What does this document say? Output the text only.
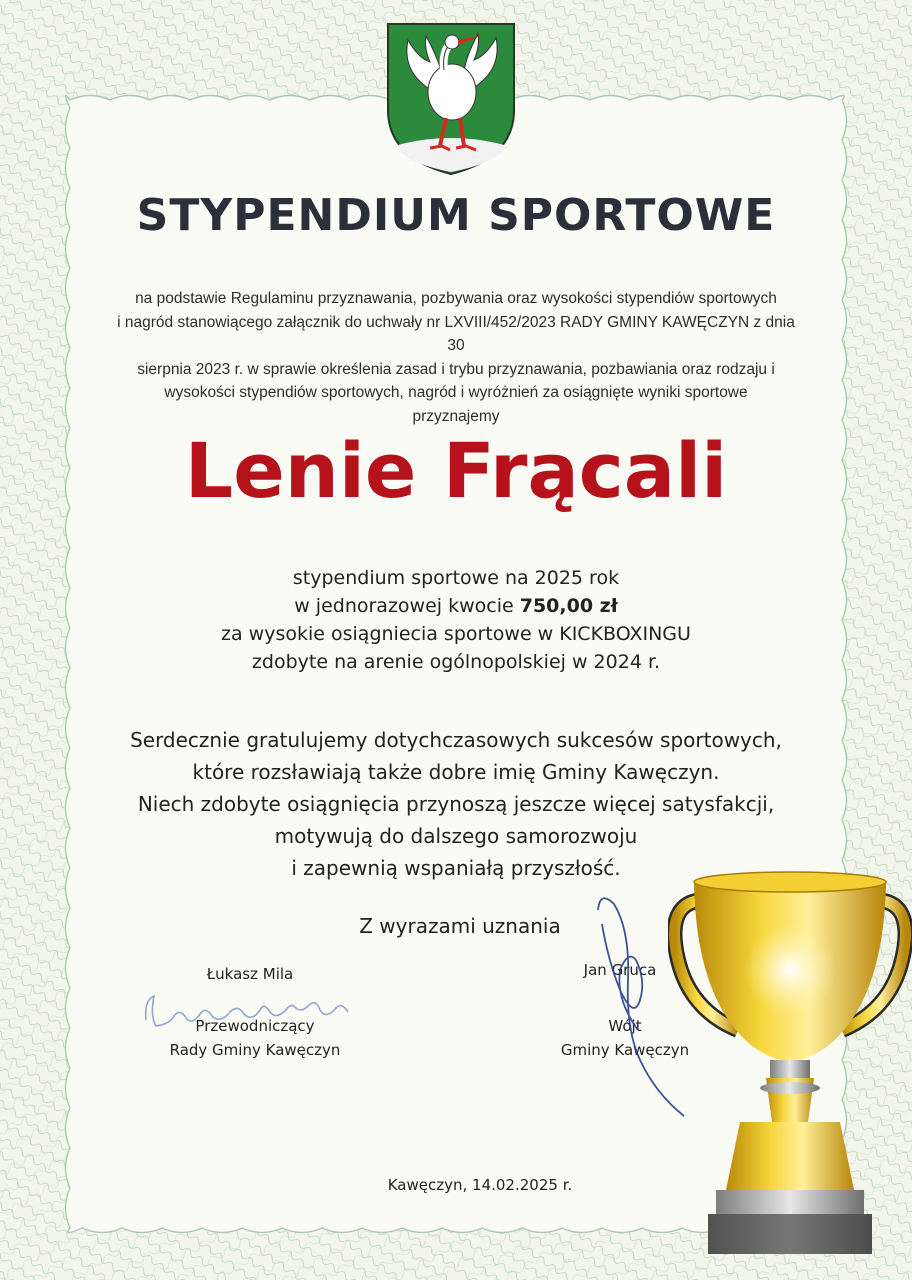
STYPENDIUM SPORTOWE
na podstawie Regulaminu przyznawania, pozbywania oraz wysokości stypendiów sportowych
i nagród stanowiącego załącznik do uchwały nr LXVIII/452/2023 RADY GMINY KAWĘCZYN z dnia 30
sierpnia 2023 r. w sprawie określenia zasad i trybu przyznawania, pozbawiania oraz rodzaju i
wysokości stypendiów sportowych, nagród i wyróżnień za osiągnięte wyniki sportowe
przyznajemy
Lenie Frącali
stypendium sportowe na 2025 rok
w jednorazowej kwocie 750,00 zł
za wysokie osiągniecia sportowe w KICKBOXINGU
zdobyte na arenie ogólnopolskiej w 2024 r.
Serdecznie gratulujemy dotychczasowych sukcesów sportowych,
które rozsławiają także dobre imię Gminy Kawęczyn.
Niech zdobyte osiągnięcia przynoszą jeszcze więcej satysfakcji,
motywują do dalszego samorozwoju
i zapewnią wspaniałą przyszłość.
Z wyrazami uznania
Łukasz Mila
Przewodniczący
Rady Gminy Kawęczyn
Jan Gruca
Wójt
Gminy Kawęczyn
Kawęczyn, 14.02.2025 r.
